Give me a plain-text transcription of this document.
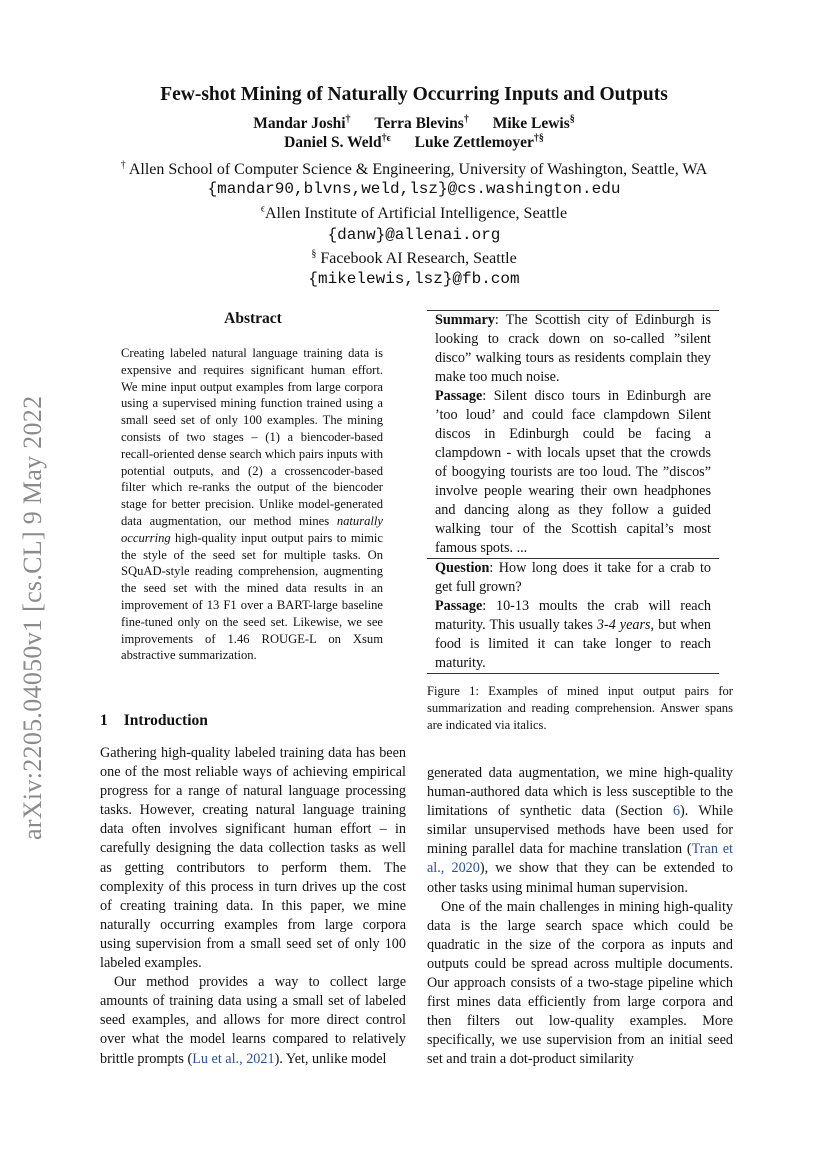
Few-shot Mining of Naturally Occurring Inputs and Outputs
Mandar Joshi† Terra Blevins† Mike Lewis§
Daniel S. Weld$^{\dagger\epsilon}$ Luke Zettlemoyer†§
† Allen School of Computer Science & Engineering, University of Washington, Seattle, WA
{mandar90,blvns,weld,lsz}@cs.washington.edu
$^\epsilon$Allen Institute of Artificial Intelligence, Seattle
{danw}@allenai.org
§ Facebook AI Research, Seattle
{mikelewis,lsz}@fb.com
arXiv:2205.04050v1 [cs.CL] 9 May 2022
Abstract
Creating labeled natural language training data is expensive and requires significant human effort. We mine input output examples from large corpora using a supervised mining function trained using a small seed set of only 100 examples. The mining consists of two stages – (1) a biencoder-based recall-oriented dense search which pairs inputs with potential outputs, and (2) a crossencoder-based filter which re-ranks the output of the biencoder stage for better precision. Unlike model-generated data augmentation, our method mines naturally occurring high-quality input output pairs to mimic the style of the seed set for multiple tasks. On SQuAD-style reading comprehension, augmenting the seed set with the mined data results in an improvement of 13 F1 over a BART-large baseline fine-tuned only on the seed set. Likewise, we see improvements of 1.46 ROUGE-L on Xsum abstractive summarization.
1 Introduction

Gathering high-quality labeled training data has been one of the most reliable ways of achieving empirical progress for a range of natural language processing tasks. However, creating natural language training data often involves significant human effort – in carefully designing the data collection tasks as well as getting contributors to perform them. The complexity of this process in turn drives up the cost of creating training data. In this paper, we mine naturally occurring examples from large corpora using supervision from a small seed set of only 100 labeled examples.

Our method provides a way to collect large amounts of training data using a small set of labeled seed examples, and allows for more direct control over what the model learns compared to relatively brittle prompts (Lu et al., 2021). Yet, unlike model

Summary: The Scottish city of Edinburgh is looking to crack down on so-called ”silent disco” walking tours as residents complain they make too much noise.

Passage: Silent disco tours in Edinburgh are ’too loud’ and could face clampdown Silent discos in Edinburgh could be facing a clampdown - with locals upset that the crowds of boogying tourists are too loud. The ”discos” involve people wearing their own headphones and dancing along as they follow a guided walking tour of the Scottish capital’s most famous spots. ...

Question: How long does it take for a crab to get full grown?

Passage: 10-13 moults the crab will reach maturity. This usually takes 3-4 years, but when food is limited it can take longer to reach maturity.

Figure 1: Examples of mined input output pairs for summarization and reading comprehension. Answer spans are indicated via italics.

generated data augmentation, we mine high-quality human-authored data which is less susceptible to the limitations of synthetic data (Section 6). While similar unsupervised methods have been used for mining parallel data for machine translation (Tran et al., 2020), we show that they can be extended to other tasks using minimal human supervision.

One of the main challenges in mining high-quality data is the large search space which could be quadratic in the size of the corpora as inputs and outputs could be spread across multiple documents. Our approach consists of a two-stage pipeline which first mines data efficiently from large corpora and then filters out low-quality examples. More specifically, we use supervision from an initial seed set and train a dot-product similarity
